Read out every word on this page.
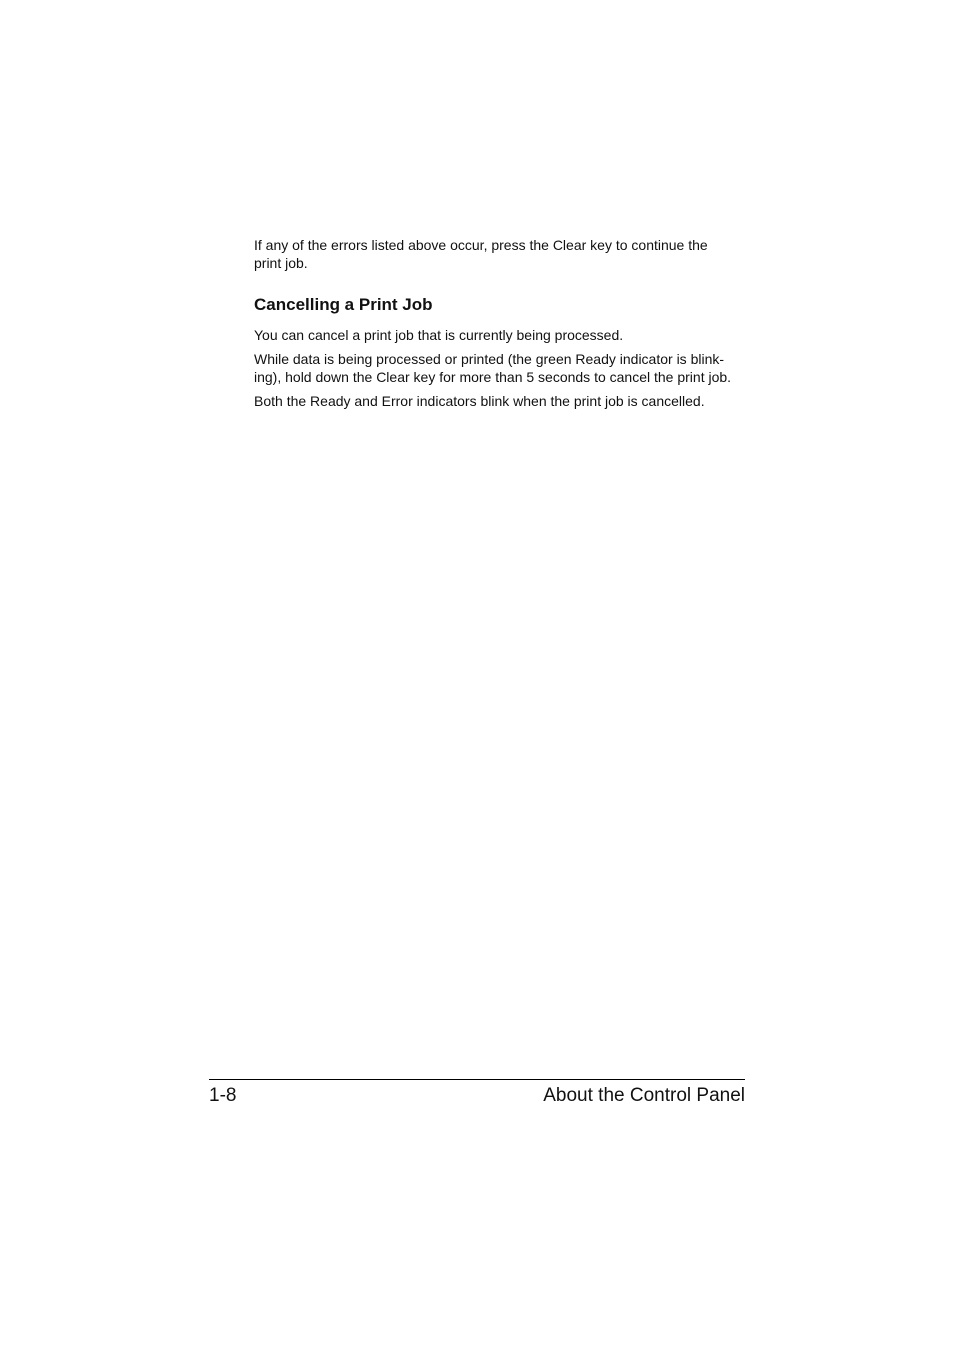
If any of the errors listed above occur, press the Clear key to continue the
print job.

Cancelling a Print Job

You can cancel a print job that is currently being processed.

While data is being processed or printed (the green Ready indicator is blink-
ing), hold down the Clear key for more than 5 seconds to cancel the print job.

Both the Ready and Error indicators blink when the print job is cancelled.

1-8	About the Control Panel
